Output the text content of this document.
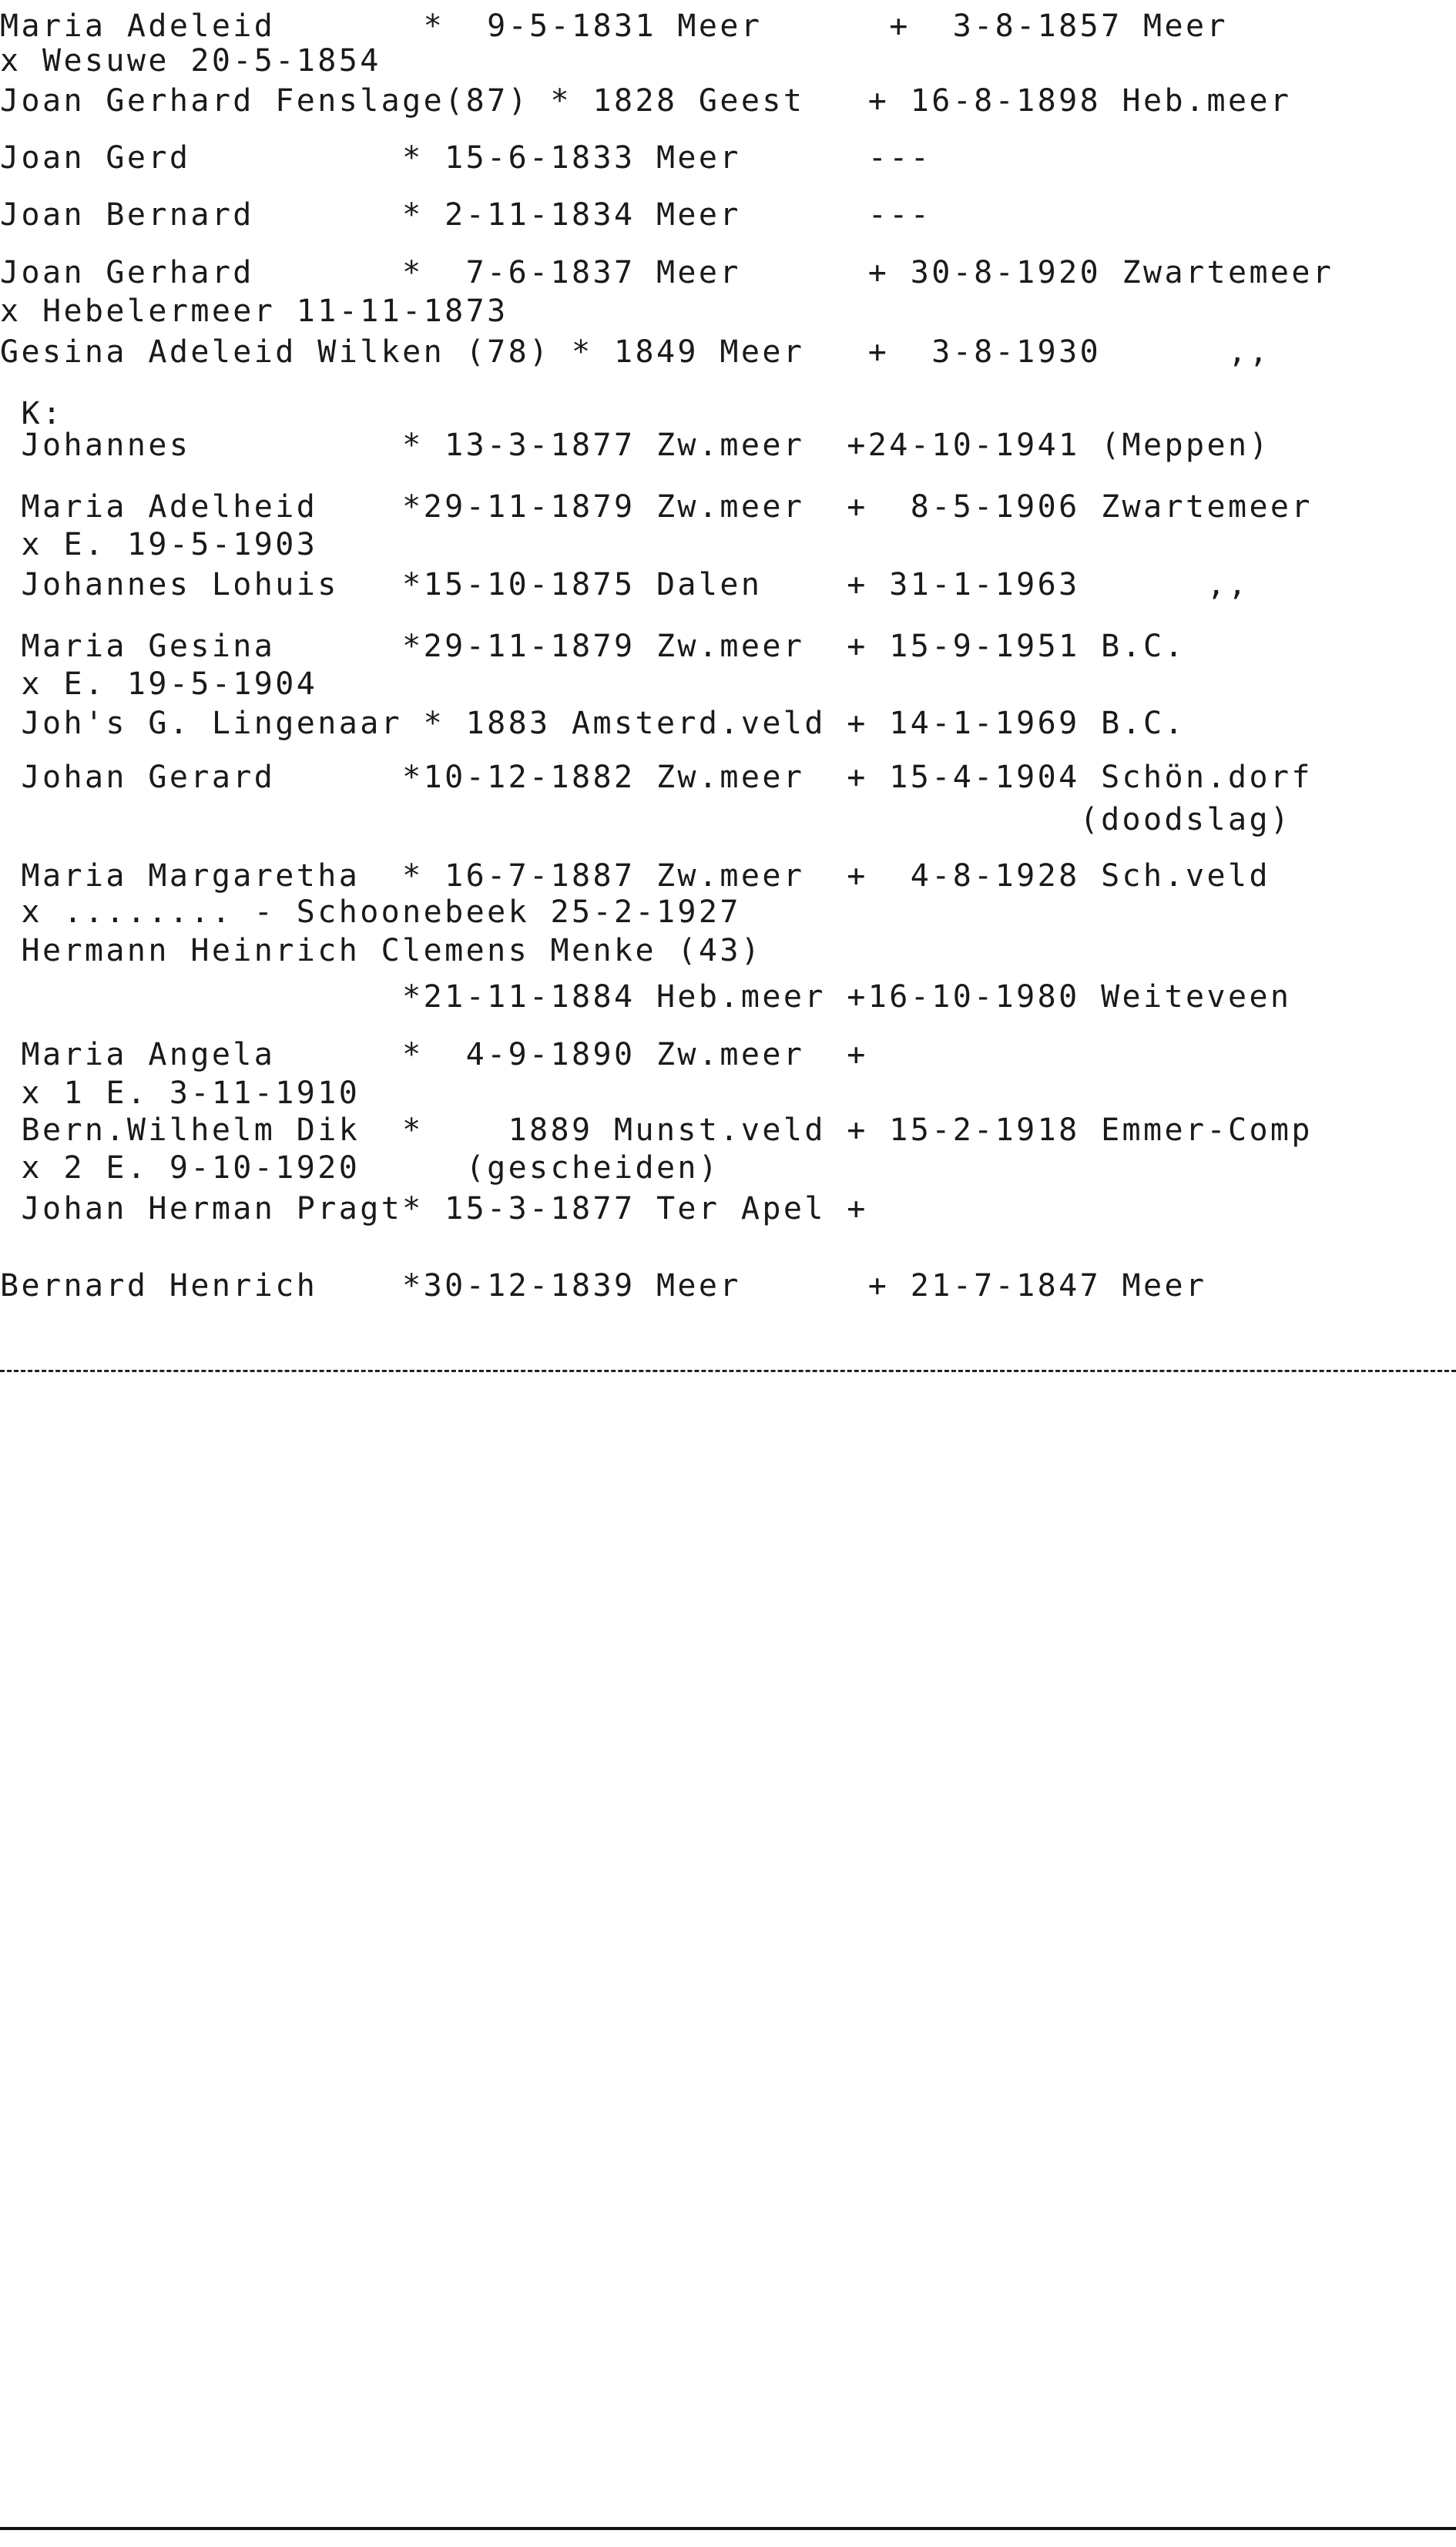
Maria Adeleid       *  9-5-1831 Meer      +  3-8-1857 Meer

x Wesuwe 20-5-1854

Joan Gerhard Fenslage(87) * 1828 Geest   + 16-8-1898 Heb.meer

Joan Gerd          * 15-6-1833 Meer      ---

Joan Bernard       * 2-11-1834 Meer      ---

Joan Gerhard       *  7-6-1837 Meer      + 30-8-1920 Zwartemeer

x Hebelermeer 11-11-1873

Gesina Adeleid Wilken (78) * 1849 Meer   +  3-8-1930      ,,

K:

Johannes          * 13-3-1877 Zw.meer  +24-10-1941 (Meppen)

Maria Adelheid    *29-11-1879 Zw.meer  +  8-5-1906 Zwartemeer

x E. 19-5-1903

Johannes Lohuis   *15-10-1875 Dalen    + 31-1-1963      ,,

Maria Gesina      *29-11-1879 Zw.meer  + 15-9-1951 B.C.

x E. 19-5-1904

Joh's G. Lingenaar * 1883 Amsterd.veld + 14-1-1969 B.C.

Johan Gerard      *10-12-1882 Zw.meer  + 15-4-1904 Schön.dorf

(doodslag)

Maria Margaretha  * 16-7-1887 Zw.meer  +  4-8-1928 Sch.veld

x ........ - Schoonebeek 25-2-1927

Hermann Heinrich Clemens Menke (43)

*21-11-1884 Heb.meer +16-10-1980 Weiteveen

Maria Angela      *  4-9-1890 Zw.meer  +

x 1 E. 3-11-1910

Bern.Wilhelm Dik  *    1889 Munst.veld + 15-2-1918 Emmer-Comp

x 2 E. 9-10-1920     (gescheiden)

Johan Herman Pragt* 15-3-1877 Ter Apel +

Bernard Henrich    *30-12-1839 Meer      + 21-7-1847 Meer
